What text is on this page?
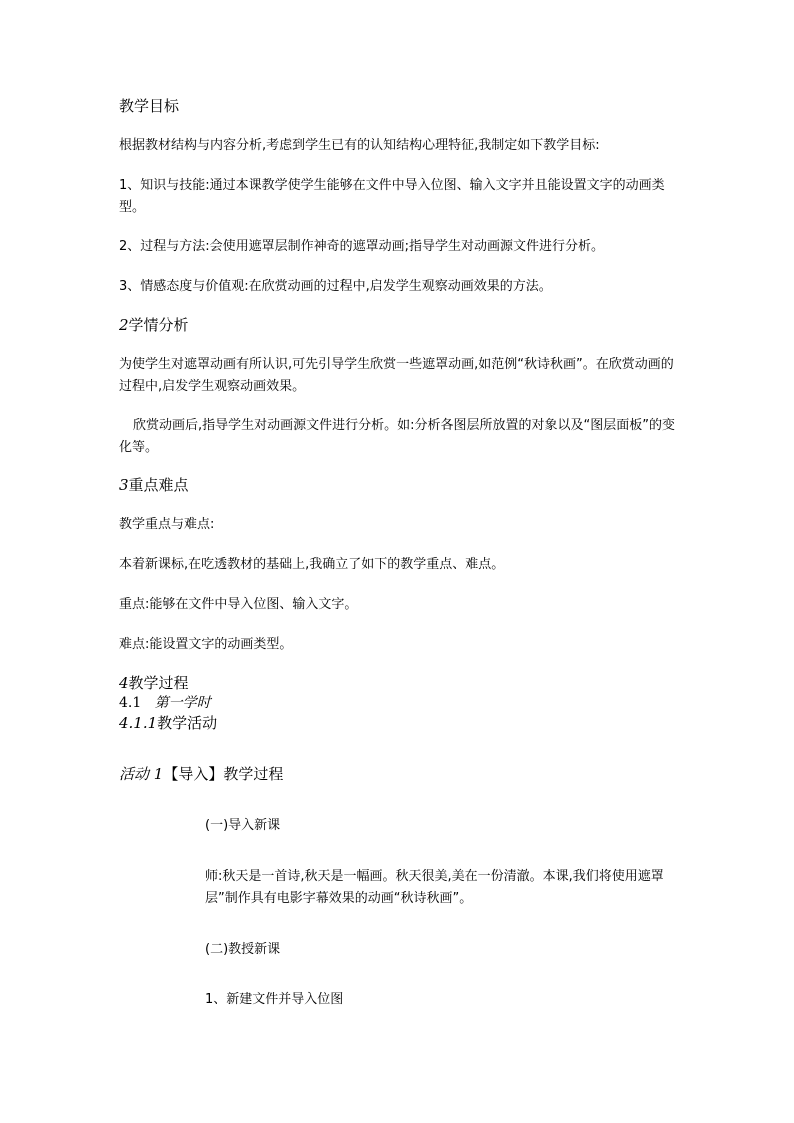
教学目标
根据教材结构与内容分析,考虑到学生已有的认知结构心理特征,我制定如下教学目标:
1、知识与技能:通过本课教学使学生能够在文件中导入位图、输入文字并且能设置文字的动画类型。
2、过程与方法:会使用遮罩层制作神奇的遮罩动画;指导学生对动画源文件进行分析。
3、情感态度与价值观:在欣赏动画的过程中,启发学生观察动画效果的方法。
2学情分析
为使学生对遮罩动画有所认识,可先引导学生欣赏一些遮罩动画,如范例“秋诗秋画”。在欣赏动画的过程中,启发学生观察动画效果。
欣赏动画后,指导学生对动画源文件进行分析。如:分析各图层所放置的对象以及“图层面板”的变化等。
3重点难点
教学重点与难点:
本着新课标,在吃透教材的基础上,我确立了如下的教学重点、难点。
重点:能够在文件中导入位图、输入文字。
难点:能设置文字的动画类型。
4教学过程
4.1 第一学时
4.1.1教学活动
活动 1【导入】教学过程
(一)导入新课
师:秋天是一首诗,秋天是一幅画。秋天很美,美在一份清澈。本课,我们将使用遮罩层”制作具有电影字幕效果的动画“秋诗秋画”。
(二)教授新课
1、新建文件并导入位图
